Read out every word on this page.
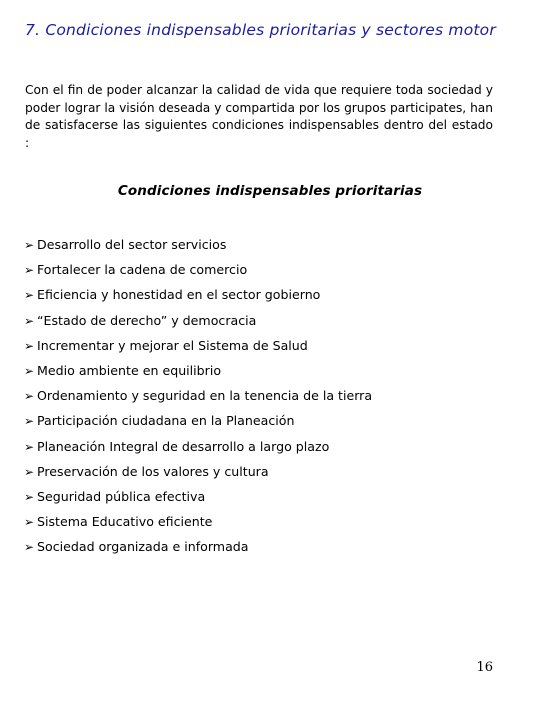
7. Condiciones indispensables prioritarias y sectores motor

Con el fin de poder alcanzar la calidad de vida que requiere toda sociedad y poder lograr la visión deseada y compartida por los grupos participates, han de satisfacerse las siguientes condiciones indispensables dentro del estado :

Condiciones indispensables prioritarias
➢ Desarrollo del sector servicios
➢ Fortalecer la cadena de comercio
➢ Eficiencia y honestidad en el sector gobierno
➢ “Estado de derecho” y democracia
➢ Incrementar y mejorar el Sistema de Salud
➢ Medio ambiente en equilibrio
➢ Ordenamiento y seguridad en la tenencia de la tierra
➢ Participación ciudadana en la Planeación
➢ Planeación Integral de desarrollo a largo plazo
➢ Preservación de los valores y cultura
➢ Seguridad pública efectiva
➢ Sistema Educativo eficiente
➢ Sociedad organizada e informada
16
